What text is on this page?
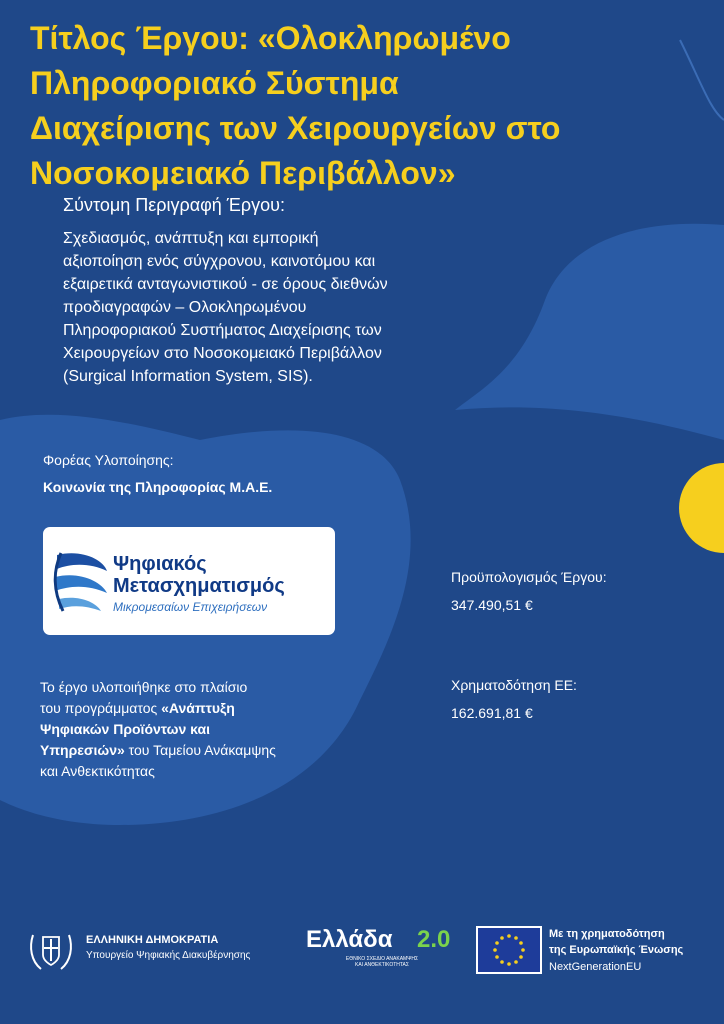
Τίτλος Έργου: «Ολοκληρωμένο
Πληροφοριακό Σύστημα
Διαχείρισης των Χειρουργείων στο
Νοσοκομειακό Περιβάλλον»
Σύντομη Περιγραφή Έργου:
Σχεδιασμός, ανάπτυξη και εμπορική
αξιοποίηση ενός σύγχρονου, καινοτόμου και
εξαιρετικά ανταγωνιστικού - σε όρους διεθνών
προδιαγραφών – Ολοκληρωμένου
Πληροφοριακού Συστήματος Διαχείρισης των
Χειρουργείων στο Νοσοκομειακό Περιβάλλον
(Surgical Information System, SIS).
Φορέας Υλοποίησης:
Κοινωνία της Πληροφορίας Μ.Α.Ε.
Ψηφιακός
Μετασχηματισμός
Μικρομεσαίων Επιχειρήσεων
Το έργο υλοποιήθηκε στο πλαίσιο
του προγράμματος «Ανάπτυξη
Ψηφιακών Προϊόντων και
Υπηρεσιών» του Ταμείου Ανάκαμψης
και Ανθεκτικότητας
Προϋπολογισμός Έργου:
347.490,51 €
Χρηματοδότηση ΕΕ:
162.691,81 €
ΕΛΛΗΝΙΚΗ ΔΗΜΟΚΡΑΤΙΑ
Υπουργείο Ψηφιακής Διακυβέρνησης
Ελλάδα 2.0
ΕΘΝΙΚΟ ΣΧΕΔΙΟ ΑΝΑΚΑΜΨΗΣ
ΚΑΙ ΑΝΘΕΚΤΙΚΟΤΗΤΑΣ
Με τη χρηματοδότηση
της Ευρωπαϊκής Ένωσης
NextGenerationEU
